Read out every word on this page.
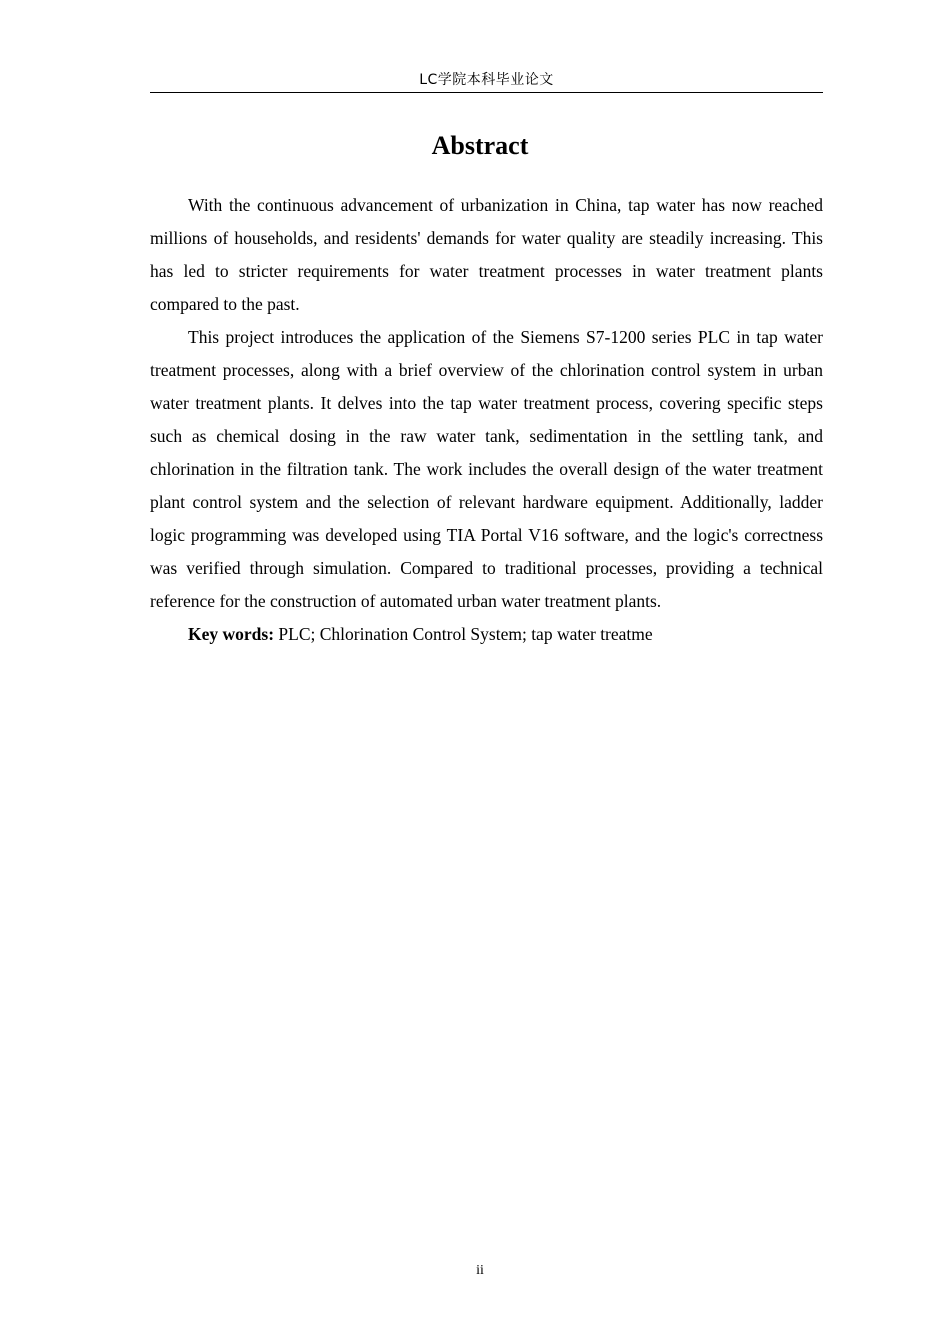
LC学院本科毕业论文
Abstract

With the continuous advancement of urbanization in China, tap water has now reached millions of households, and residents' demands for water quality are steadily increasing. This has led to stricter requirements for water treatment processes in water treatment plants compared to the past.

This project introduces the application of the Siemens S7-1200 series PLC in tap water treatment processes, along with a brief overview of the chlorination control system in urban water treatment plants. It delves into the tap water treatment process, covering specific steps such as chemical dosing in the raw water tank, sedimentation in the settling tank, and chlorination in the filtration tank. The work includes the overall design of the water treatment plant control system and the selection of relevant hardware equipment. Additionally, ladder logic programming was developed using TIA Portal V16 software, and the logic's correctness was verified through simulation. Compared to traditional processes, providing a technical reference for the construction of automated urban water treatment plants.

Key words: PLC; Chlorination Control System; tap water treatme

ii
